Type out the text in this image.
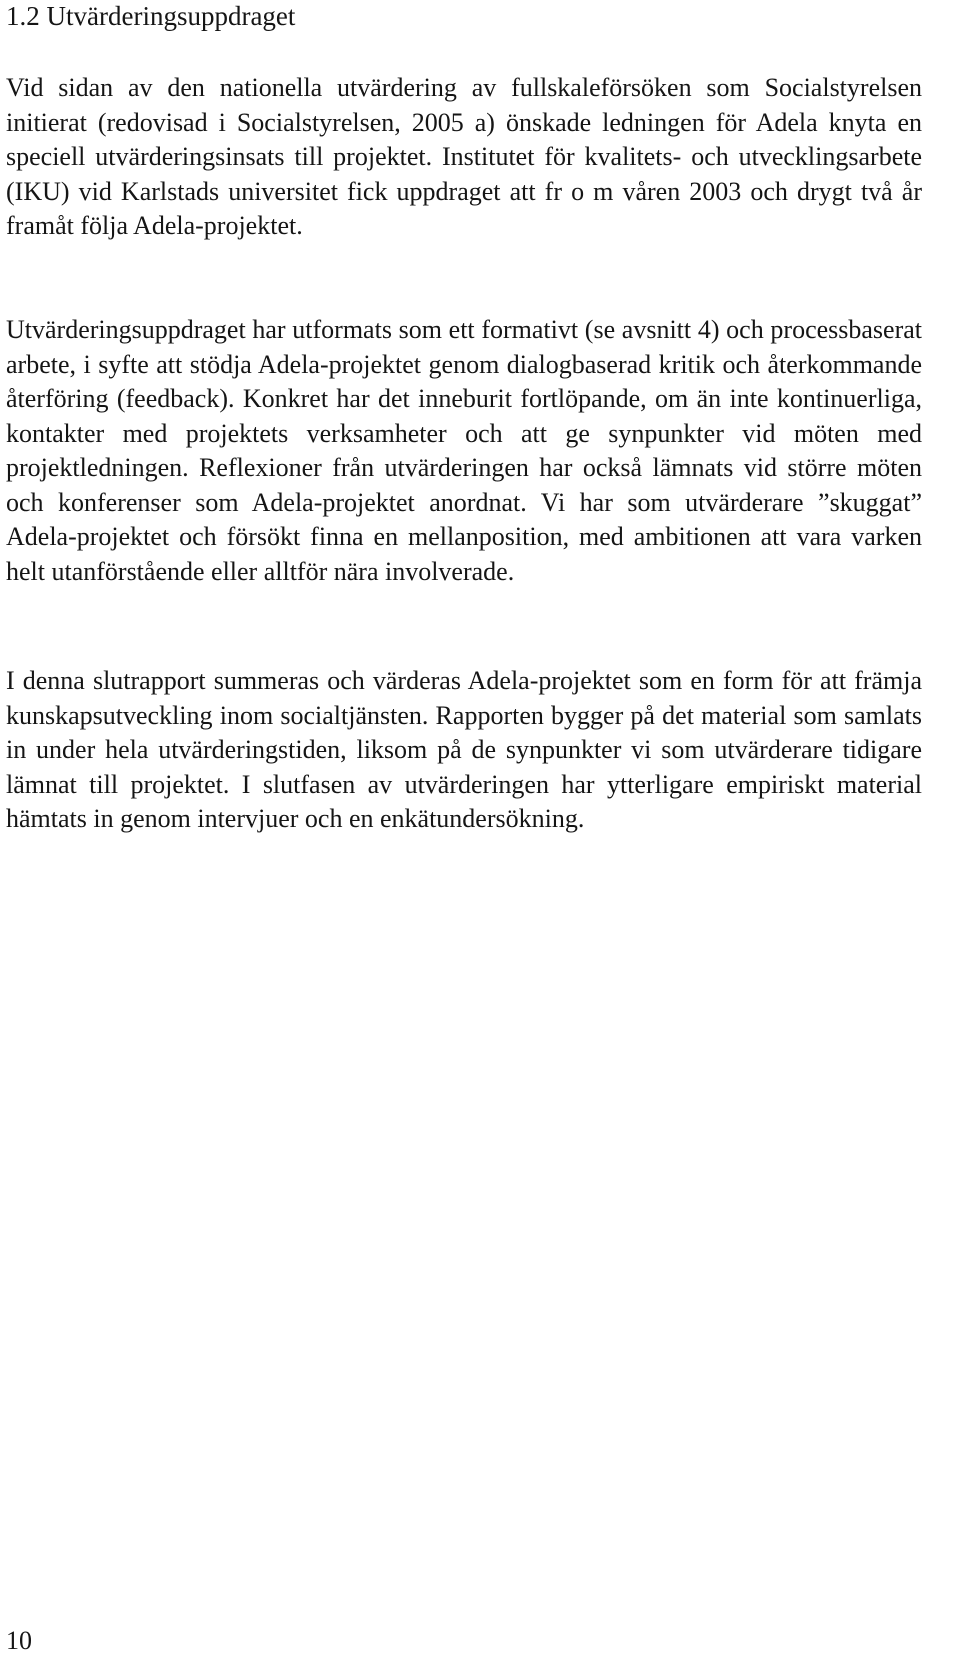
1.2 Utvärderingsuppdraget

Vid sidan av den nationella utvärdering av fullskaleförsöken som Socialstyrelsen initierat (redovisad i Socialstyrelsen, 2005 a) önskade ledningen för Adela knyta en speciell utvärderingsinsats till projektet. Institutet för kvalitets- och utvecklingsarbete (IKU) vid Karlstads universitet fick uppdraget att fr o m våren 2003 och drygt två år framåt följa Adela-projektet.

Utvärderingsuppdraget har utformats som ett formativt (se avsnitt 4) och processbaserat arbete, i syfte att stödja Adela-projektet genom dialogbaserad kritik och återkommande återföring (feedback). Konkret har det inneburit fortlöpande, om än inte kontinuerliga, kontakter med projektets verksamheter och att ge synpunkter vid möten med projektledningen. Reflexioner från utvärderingen har också lämnats vid större möten och konferenser som Adela-projektet anordnat. Vi har som utvärderare ”skuggat” Adela-projektet och försökt finna en mellanposition, med ambitionen att vara varken helt utanförstående eller alltför nära involverade.

I denna slutrapport summeras och värderas Adela-projektet som en form för att främja kunskapsutveckling inom socialtjänsten. Rapporten bygger på det material som samlats in under hela utvärderingstiden, liksom på de synpunkter vi som utvärderare tidigare lämnat till projektet. I slutfasen av utvärderingen har ytterligare empiriskt material hämtats in genom intervjuer och en enkätundersökning.

10
